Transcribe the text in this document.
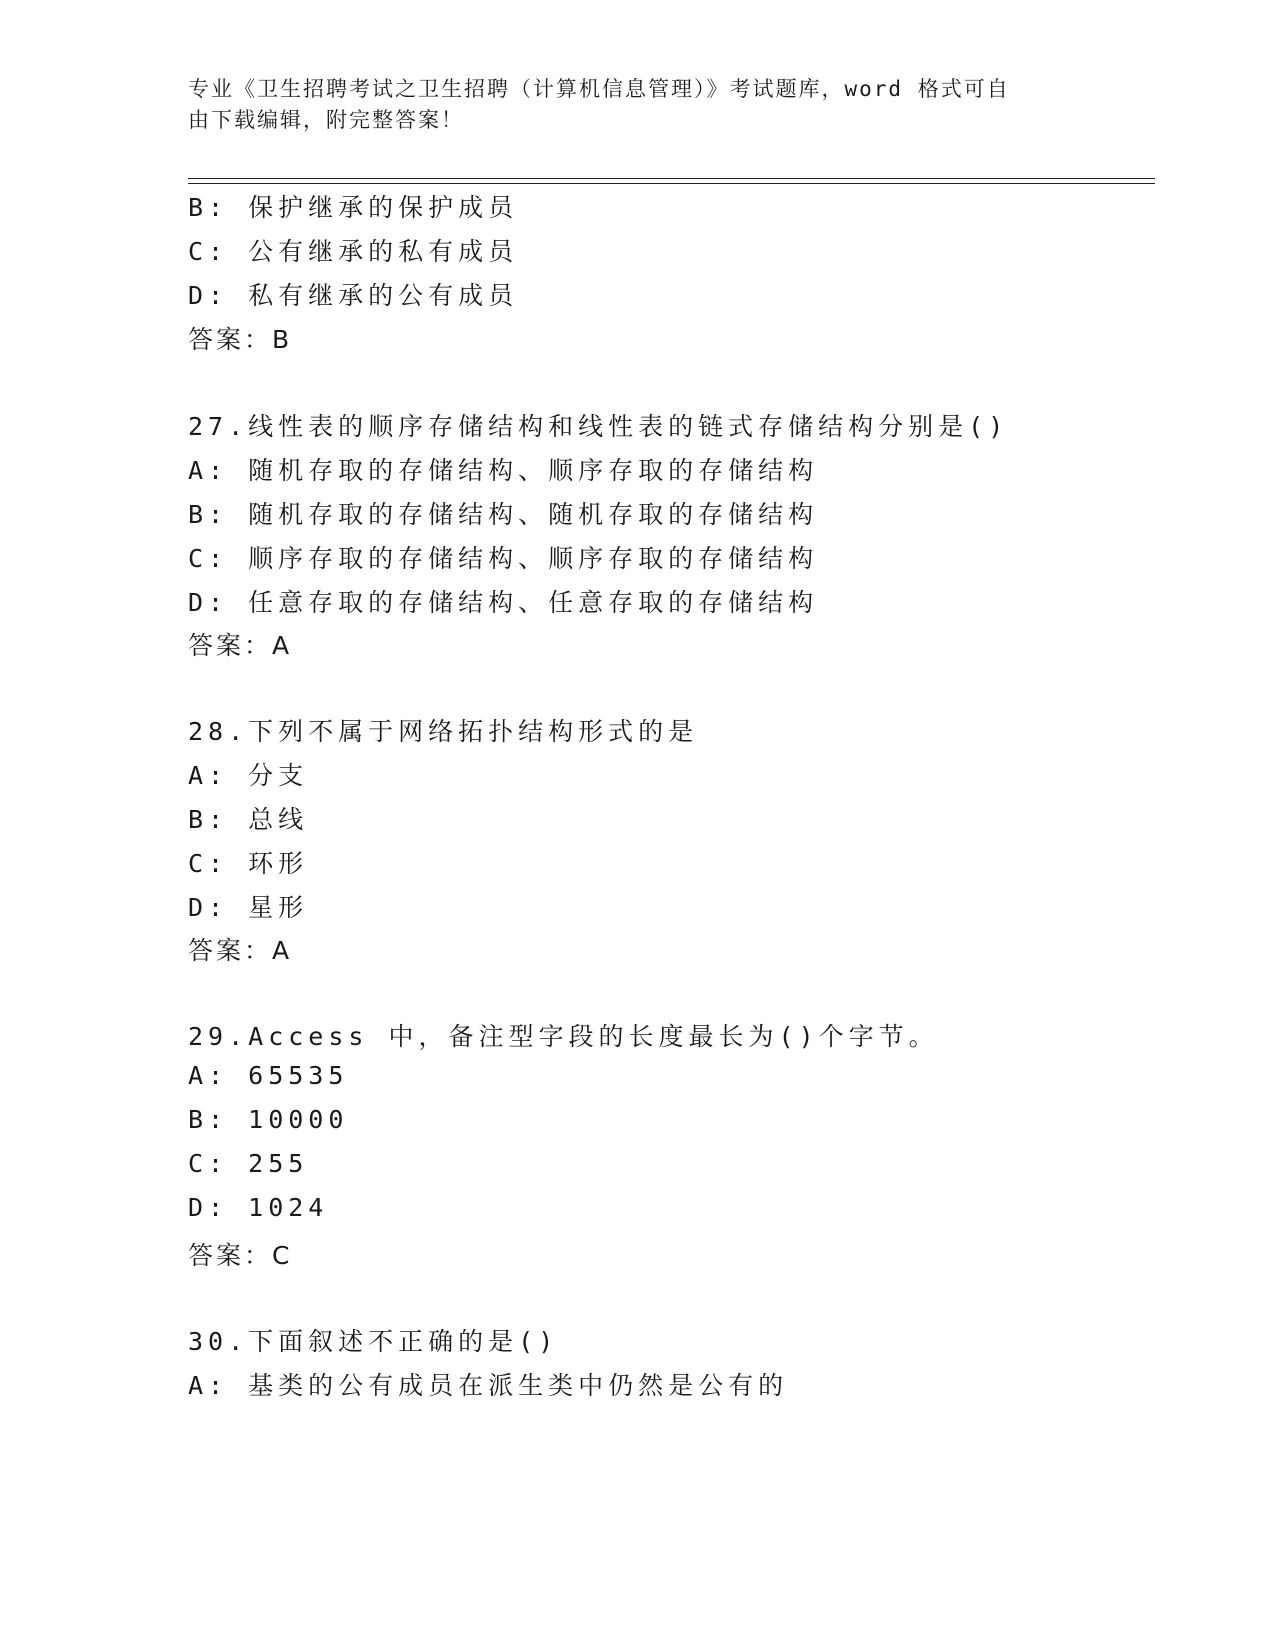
专业《卫生招聘考试之卫生招聘（计算机信息管理）》考试题库，word 格式可自
由下载编辑，附完整答案！
B: 保护继承的保护成员
C: 公有继承的私有成员
D: 私有继承的公有成员
答案：B
27.线性表的顺序存储结构和线性表的链式存储结构分别是()
A: 随机存取的存储结构、顺序存取的存储结构
B: 随机存取的存储结构、随机存取的存储结构
C: 顺序存取的存储结构、顺序存取的存储结构
D: 任意存取的存储结构、任意存取的存储结构
答案：A
28.下列不属于网络拓扑结构形式的是
A: 分支
B: 总线
C: 环形
D: 星形
答案：A
29.Access 中，备注型字段的长度最长为()个字节。
A: 65535
B: 10000
C: 255
D: 1024
答案：C
30.下面叙述不正确的是()
A: 基类的公有成员在派生类中仍然是公有的
